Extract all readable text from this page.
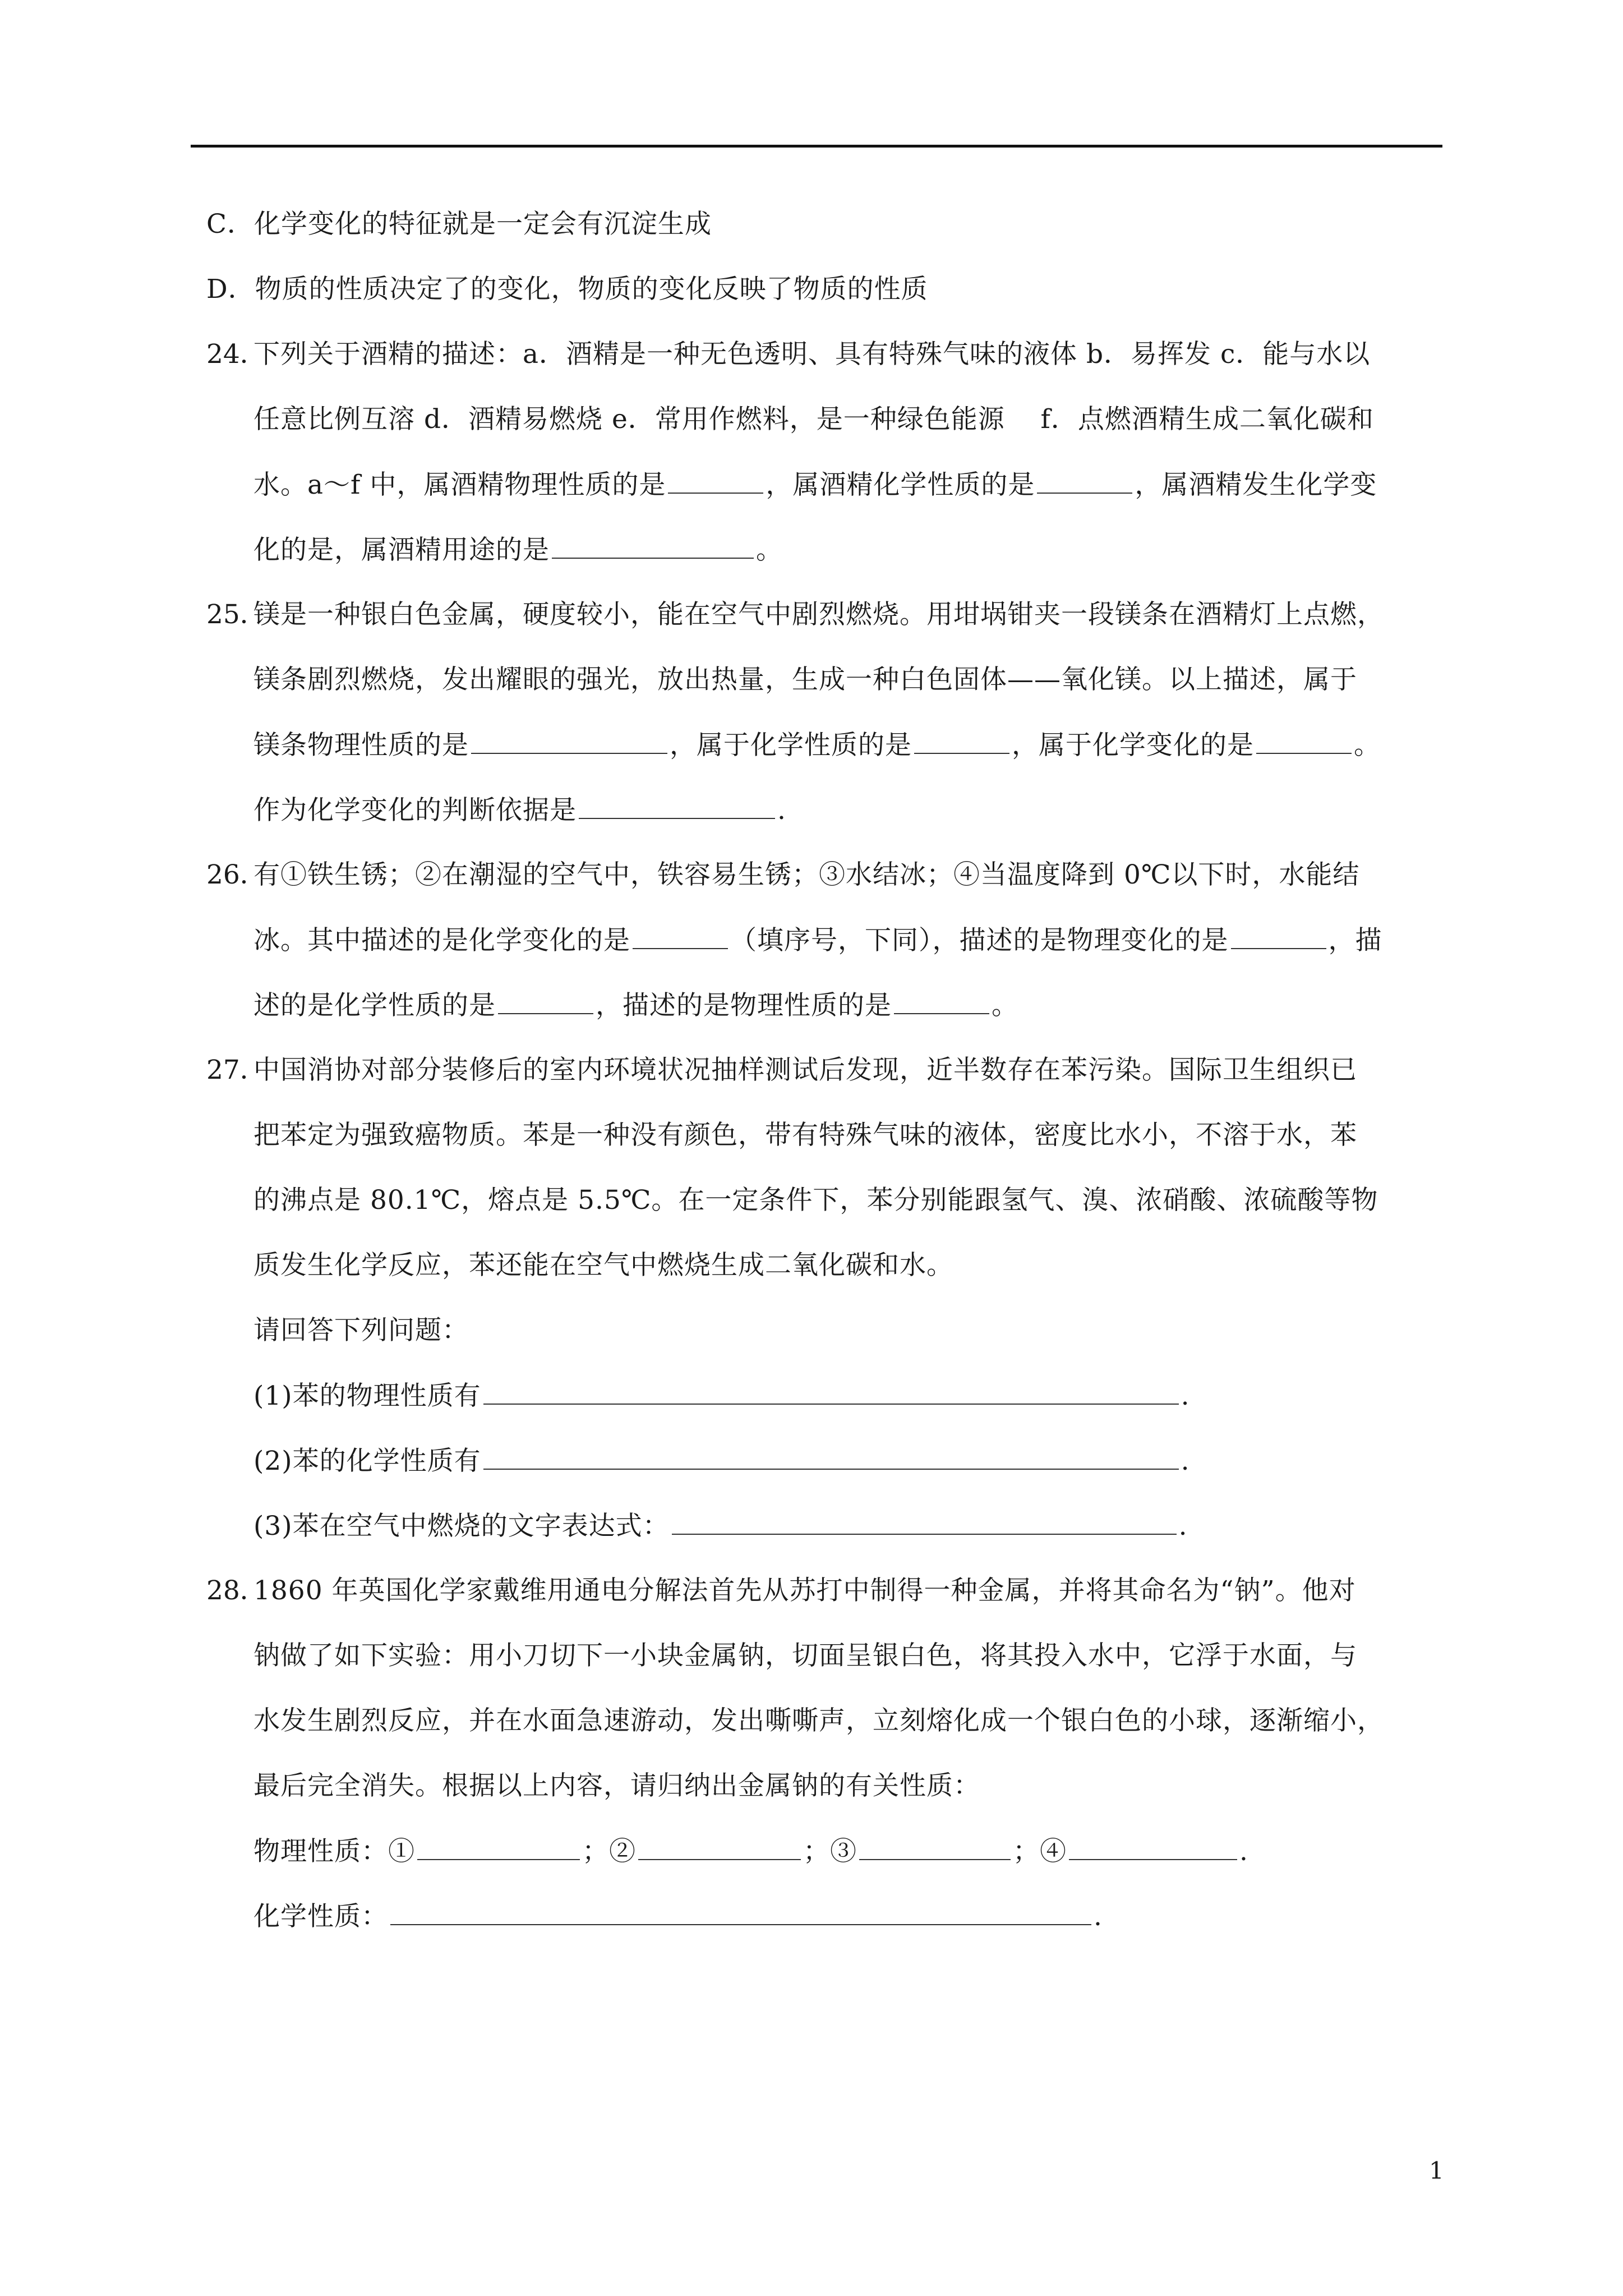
C．化学变化的特征就是一定会有沉淀生成
D．物质的性质决定了的变化，物质的变化反映了物质的性质
24．
下列关于酒精的描述：a．酒精是一种无色透明、具有特殊气味的液体 b．易挥发 c．能与水以
任意比例互溶 d．酒精易燃烧 e．常用作燃料，是一种绿色能源    f．点燃酒精生成二氧化碳和
水。a～f 中，属酒精物理性质的是	，属酒精化学性质的是	，属酒精发生化学变
化的是，属酒精用途的是	。
25．
镁是一种银白色金属，硬度较小，能在空气中剧烈燃烧。用坩埚钳夹一段镁条在酒精灯上点燃，
镁条剧烈燃烧，发出耀眼的强光，放出热量，生成一种白色固体——氧化镁。以上描述，属于
镁条物理性质的是	，属于化学性质的是	，属于化学变化的是	。
作为化学变化的判断依据是	.
26．
有①铁生锈；②在潮湿的空气中，铁容易生锈；③水结冰；④当温度降到 0℃以下时，水能结
冰。其中描述的是化学变化的是	（填序号，下同），描述的是物理变化的是	，描
述的是化学性质的是	，描述的是物理性质的是	。
27．
中国消协对部分装修后的室内环境状况抽样测试后发现，近半数存在苯污染。国际卫生组织已
把苯定为强致癌物质。苯是一种没有颜色，带有特殊气味的液体，密度比水小，不溶于水，苯
的沸点是 80.1℃，熔点是 5.5℃。在一定条件下，苯分别能跟氢气、溴、浓硝酸、浓硫酸等物
质发生化学反应，苯还能在空气中燃烧生成二氧化碳和水。
请回答下列问题：
(1)苯的物理性质有	.
(2)苯的化学性质有	.
(3)苯在空气中燃烧的文字表达式：	.
28．
1860 年英国化学家戴维用通电分解法首先从苏打中制得一种金属，并将其命名为“钠”。他对
钠做了如下实验：用小刀切下一小块金属钠，切面呈银白色，将其投入水中，它浮于水面，与
水发生剧烈反应，并在水面急速游动，发出嘶嘶声，立刻熔化成一个银白色的小球，逐渐缩小，
最后完全消失。根据以上内容，请归纳出金属钠的有关性质：
物理性质：①	；②	；③	；④	.
化学性质：	.
1
